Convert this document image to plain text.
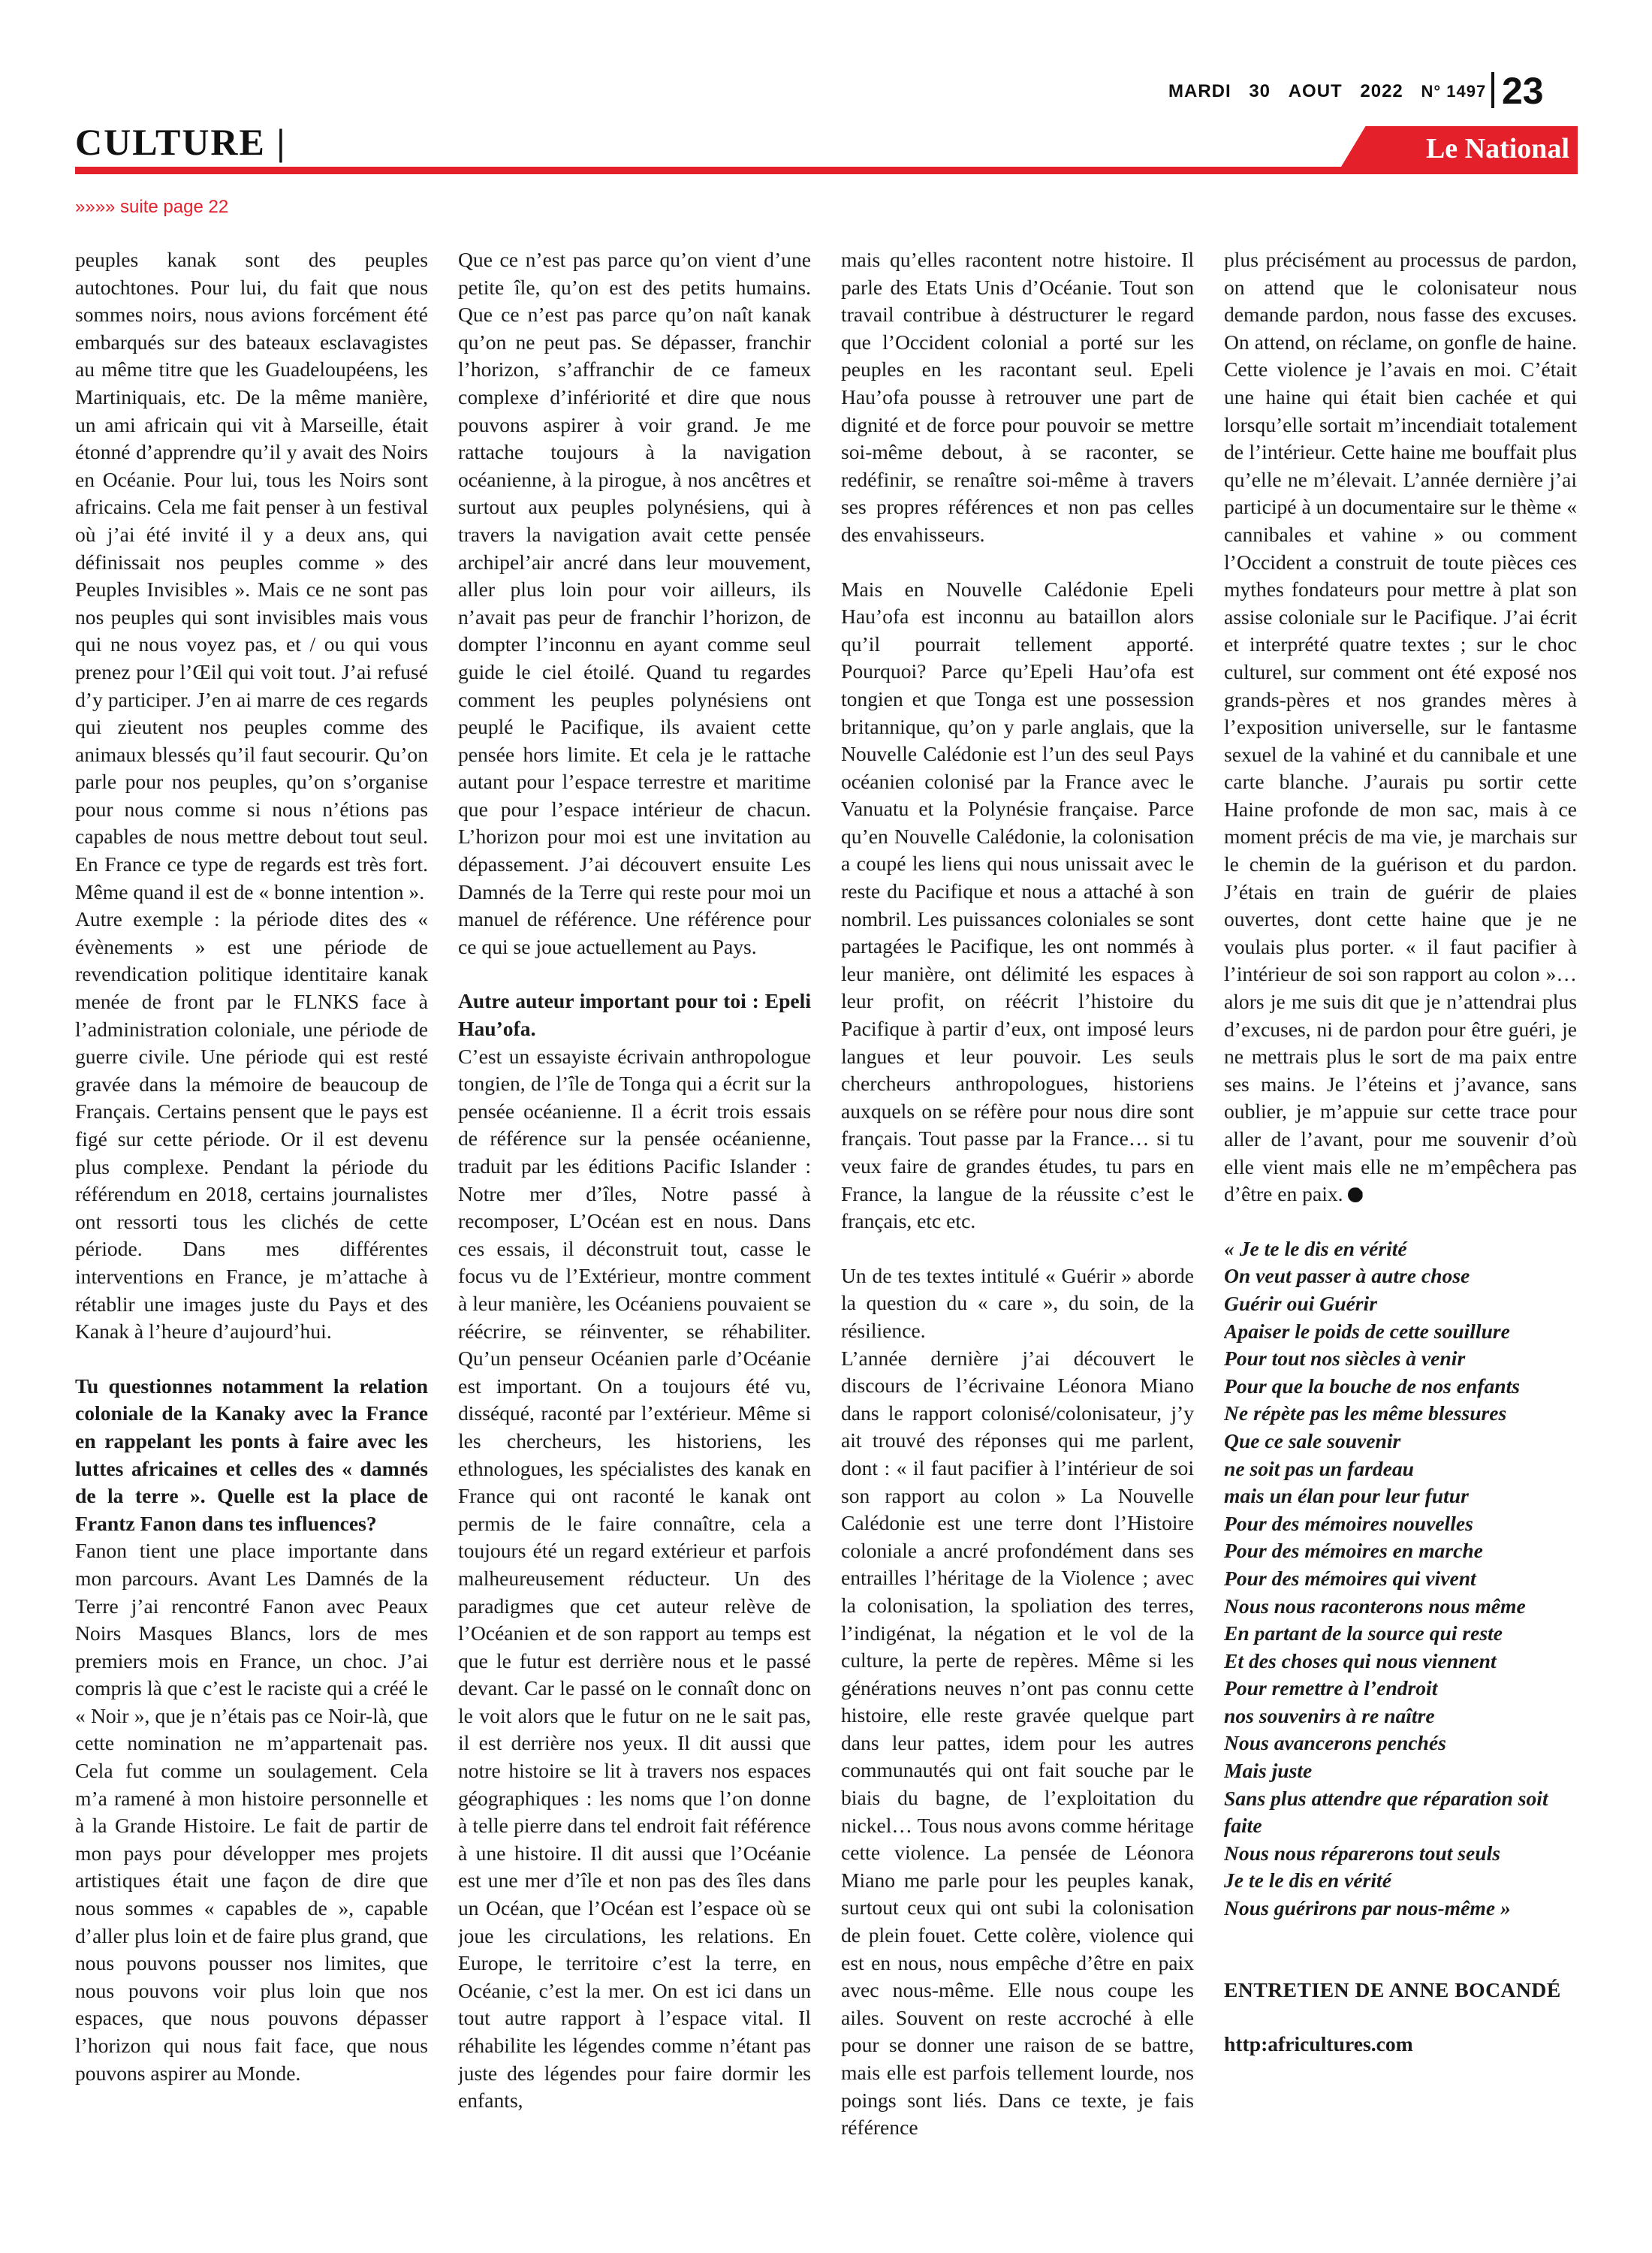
MARDI 30 AOUT 2022 N° 1497 23
CULTURE |	Le National
»»»» suite page 22

peuples kanak sont des peuples autochtones. Pour lui, du fait que nous sommes noirs, nous avions forcément été embarqués sur des bateaux esclavagistes au même titre que les Guadeloupéens, les Martiniquais, etc. De la même manière, un ami africain qui vit à Marseille, était étonné d’apprendre qu’il y avait des Noirs en Océanie. Pour lui, tous les Noirs sont africains. Cela me fait penser à un festival où j’ai été invité il y a deux ans, qui définissait nos peuples comme » des Peuples Invisibles ». Mais ce ne sont pas nos peuples qui sont invisibles mais vous qui ne nous voyez pas, et / ou qui vous prenez pour l’Œil qui voit tout. J’ai refusé d’y participer. J’en ai marre de ces regards qui zieutent nos peuples comme des animaux blessés qu’il faut secourir. Qu’on parle pour nos peuples, qu’on s’organise pour nous comme si nous n’étions pas capables de nous mettre debout tout seul. En France ce type de regards est très fort. Même quand il est de « bonne intention ».

Autre exemple : la période dites des « évènements » est une période de revendication politique identitaire kanak menée de front par le FLNKS face à l’administration coloniale, une période de guerre civile. Une période qui est resté gravée dans la mémoire de beaucoup de Français. Certains pensent que le pays est figé sur cette période. Or il est devenu plus complexe. Pendant la période du référendum en 2018, certains journalistes ont ressorti tous les clichés de cette période. Dans mes différentes interventions en France, je m’attache à rétablir une images juste du Pays et des Kanak à l’heure d’aujourd’hui.

Tu questionnes notamment la relation coloniale de la Kanaky avec la France en rappelant les ponts à faire avec les luttes africaines et celles des « damnés de la terre ». Quelle est la place de Frantz Fanon dans tes influences?

Fanon tient une place importante dans mon parcours. Avant Les Damnés de la Terre j’ai rencontré Fanon avec Peaux Noirs Masques Blancs, lors de mes premiers mois en France, un choc. J’ai compris là que c’est le raciste qui a créé le « Noir », que je n’étais pas ce Noir-là, que cette nomination ne m’appartenait pas. Cela fut comme un soulagement. Cela m’a ramené à mon histoire personnelle et à la Grande Histoire. Le fait de partir de mon pays pour développer mes projets artistiques était une façon de dire que nous sommes « capables de », capable d’aller plus loin et de faire plus grand, que nous pouvons pousser nos limites, que nous pouvons voir plus loin que nos espaces, que nous pouvons dépasser l’horizon qui nous fait face, que nous pouvons aspirer au Monde.

Que ce n’est pas parce qu’on vient d’une petite île, qu’on est des petits humains. Que ce n’est pas parce qu’on naît kanak qu’on ne peut pas. Se dépasser, franchir l’horizon, s’affranchir de ce fameux complexe d’infériorité et dire que nous pouvons aspirer à voir grand. Je me rattache toujours à la navigation océanienne, à la pirogue, à nos ancêtres et surtout aux peuples polynésiens, qui à travers la navigation avait cette pensée archipel’air ancré dans leur mouvement, aller plus loin pour voir ailleurs, ils n’avait pas peur de franchir l’horizon, de dompter l’inconnu en ayant comme seul guide le ciel étoilé. Quand tu regardes comment les peuples polynésiens ont peuplé le Pacifique, ils avaient cette pensée hors limite. Et cela je le rattache autant pour l’espace terrestre et maritime que pour l’espace intérieur de chacun. L’horizon pour moi est une invitation au dépassement. J’ai découvert ensuite Les Damnés de la Terre qui reste pour moi un manuel de référence. Une référence pour ce qui se joue actuellement au Pays.

Autre auteur important pour toi : Epeli Hau’ofa.

C’est un essayiste écrivain anthropologue tongien, de l’île de Tonga qui a écrit sur la pensée océanienne. Il a écrit trois essais de référence sur la pensée océanienne, traduit par les éditions Pacific Islander : Notre mer d’îles, Notre passé à recomposer, L’Océan est en nous. Dans ces essais, il déconstruit tout, casse le focus vu de l’Extérieur, montre comment à leur manière, les Océaniens pouvaient se réécrire, se réinventer, se réhabiliter. Qu’un penseur Océanien parle d’Océanie est important. On a toujours été vu, disséqué, raconté par l’extérieur. Même si les chercheurs, les historiens, les ethnologues, les spécialistes des kanak en France qui ont raconté le kanak ont permis de le faire connaître, cela a toujours été un regard extérieur et parfois malheureusement réducteur. Un des paradigmes que cet auteur relève de l’Océanien et de son rapport au temps est que le futur est derrière nous et le passé devant. Car le passé on le connaît donc on le voit alors que le futur on ne le sait pas, il est derrière nos yeux. Il dit aussi que notre histoire se lit à travers nos espaces géographiques : les noms que l’on donne à telle pierre dans tel endroit fait référence à une histoire. Il dit aussi que l’Océanie est une mer d’île et non pas des îles dans un Océan, que l’Océan est l’espace où se joue les circulations, les relations. En Europe, le territoire c’est la terre, en Océanie, c’est la mer. On est ici dans un tout autre rapport à l’espace vital. Il réhabilite les légendes comme n’étant pas juste des légendes pour faire dormir les enfants,

mais qu’elles racontent notre histoire. Il parle des Etats Unis d’Océanie. Tout son travail contribue à déstructurer le regard que l’Occident colonial a porté sur les peuples en les racontant seul. Epeli Hau’ofa pousse à retrouver une part de dignité et de force pour pouvoir se mettre soi-même debout, à se raconter, se redéfinir, se renaître soi-même à travers ses propres références et non pas celles des envahisseurs.

Mais en Nouvelle Calédonie Epeli Hau’ofa est inconnu au bataillon alors qu’il pourrait tellement apporté. Pourquoi? Parce qu’Epeli Hau’ofa est tongien et que Tonga est une possession britannique, qu’on y parle anglais, que la Nouvelle Calédonie est l’un des seul Pays océanien colonisé par la France avec le Vanuatu et la Polynésie française. Parce qu’en Nouvelle Calédonie, la colonisation a coupé les liens qui nous unissait avec le reste du Pacifique et nous a attaché à son nombril. Les puissances coloniales se sont partagées le Pacifique, les ont nommés à leur manière, ont délimité les espaces à leur profit, on réécrit l’histoire du Pacifique à partir d’eux, ont imposé leurs langues et leur pouvoir. Les seuls chercheurs anthropologues, historiens auxquels on se réfère pour nous dire sont français. Tout passe par la France… si tu veux faire de grandes études, tu pars en France, la langue de la réussite c’est le français, etc etc.

Un de tes textes intitulé « Guérir » aborde la question du « care », du soin, de la résilience.

L’année dernière j’ai découvert le discours de l’écrivaine Léonora Miano dans le rapport colonisé/colonisateur, j’y ait trouvé des réponses qui me parlent, dont : « il faut pacifier à l’intérieur de soi son rapport au colon » La Nouvelle Calédonie est une terre dont l’Histoire coloniale a ancré profondément dans ses entrailles l’héritage de la Violence ; avec la colonisation, la spoliation des terres, l’indigénat, la négation et le vol de la culture, la perte de repères. Même si les générations neuves n’ont pas connu cette histoire, elle reste gravée quelque part dans leur pattes, idem pour les autres communautés qui ont fait souche par le biais du bagne, de l’exploitation du nickel… Tous nous avons comme héritage cette violence. La pensée de Léonora Miano me parle pour les peuples kanak, surtout ceux qui ont subi la colonisation de plein fouet. Cette colère, violence qui est en nous, nous empêche d’être en paix avec nous-même. Elle nous coupe les ailes. Souvent on reste accroché à elle pour se donner une raison de se battre, mais elle est parfois tellement lourde, nos poings sont liés. Dans ce texte, je fais référence

plus précisément au processus de pardon, on attend que le colonisateur nous demande pardon, nous fasse des excuses. On attend, on réclame, on gonfle de haine. Cette violence je l’avais en moi. C’était une haine qui était bien cachée et qui lorsqu’elle sortait m’incendiait totalement de l’intérieur. Cette haine me bouffait plus qu’elle ne m’élevait. L’année dernière j’ai participé à un documentaire sur le thème « cannibales et vahine » ou comment l’Occident a construit de toute pièces ces mythes fondateurs pour mettre à plat son assise coloniale sur le Pacifique. J’ai écrit et interprété quatre textes ; sur le choc culturel, sur comment ont été exposé nos grands-pères et nos grandes mères à l’exposition universelle, sur le fantasme sexuel de la vahiné et du cannibale et une carte blanche. J’aurais pu sortir cette Haine profonde de mon sac, mais à ce moment précis de ma vie, je marchais sur le chemin de la guérison et du pardon. J’étais en train de guérir de plaies ouvertes, dont cette haine que je ne voulais plus porter. « il faut pacifier à l’intérieur de soi son rapport au colon »… alors je me suis dit que je n’attendrai plus d’excuses, ni de pardon pour être guéri, je ne mettrais plus le sort de ma paix entre ses mains. Je l’éteins et j’avance, sans oublier, je m’appuie sur cette trace pour aller de l’avant, pour me souvenir d’où elle vient mais elle ne m’empêchera pas d’être en paix.

« Je te le dis en vérité
On veut passer à autre chose
Guérir oui Guérir
Apaiser le poids de cette souillure
Pour tout nos siècles à venir
Pour que la bouche de nos enfants
Ne répète pas les même blessures
Que ce sale souvenir
ne soit pas un fardeau
mais un élan pour leur futur
Pour des mémoires nouvelles
Pour des mémoires en marche
Pour des mémoires qui vivent
Nous nous raconterons nous même
En partant de la source qui reste
Et des choses qui nous viennent
Pour remettre à l’endroit
nos souvenirs à re naître
Nous avancerons penchés
Mais juste
Sans plus attendre que réparation soit faite
Nous nous réparerons tout seuls
Je te le dis en vérité
Nous guérirons par nous-même »

ENTRETIEN DE ANNE BOCANDÉ

http:africultures.com
